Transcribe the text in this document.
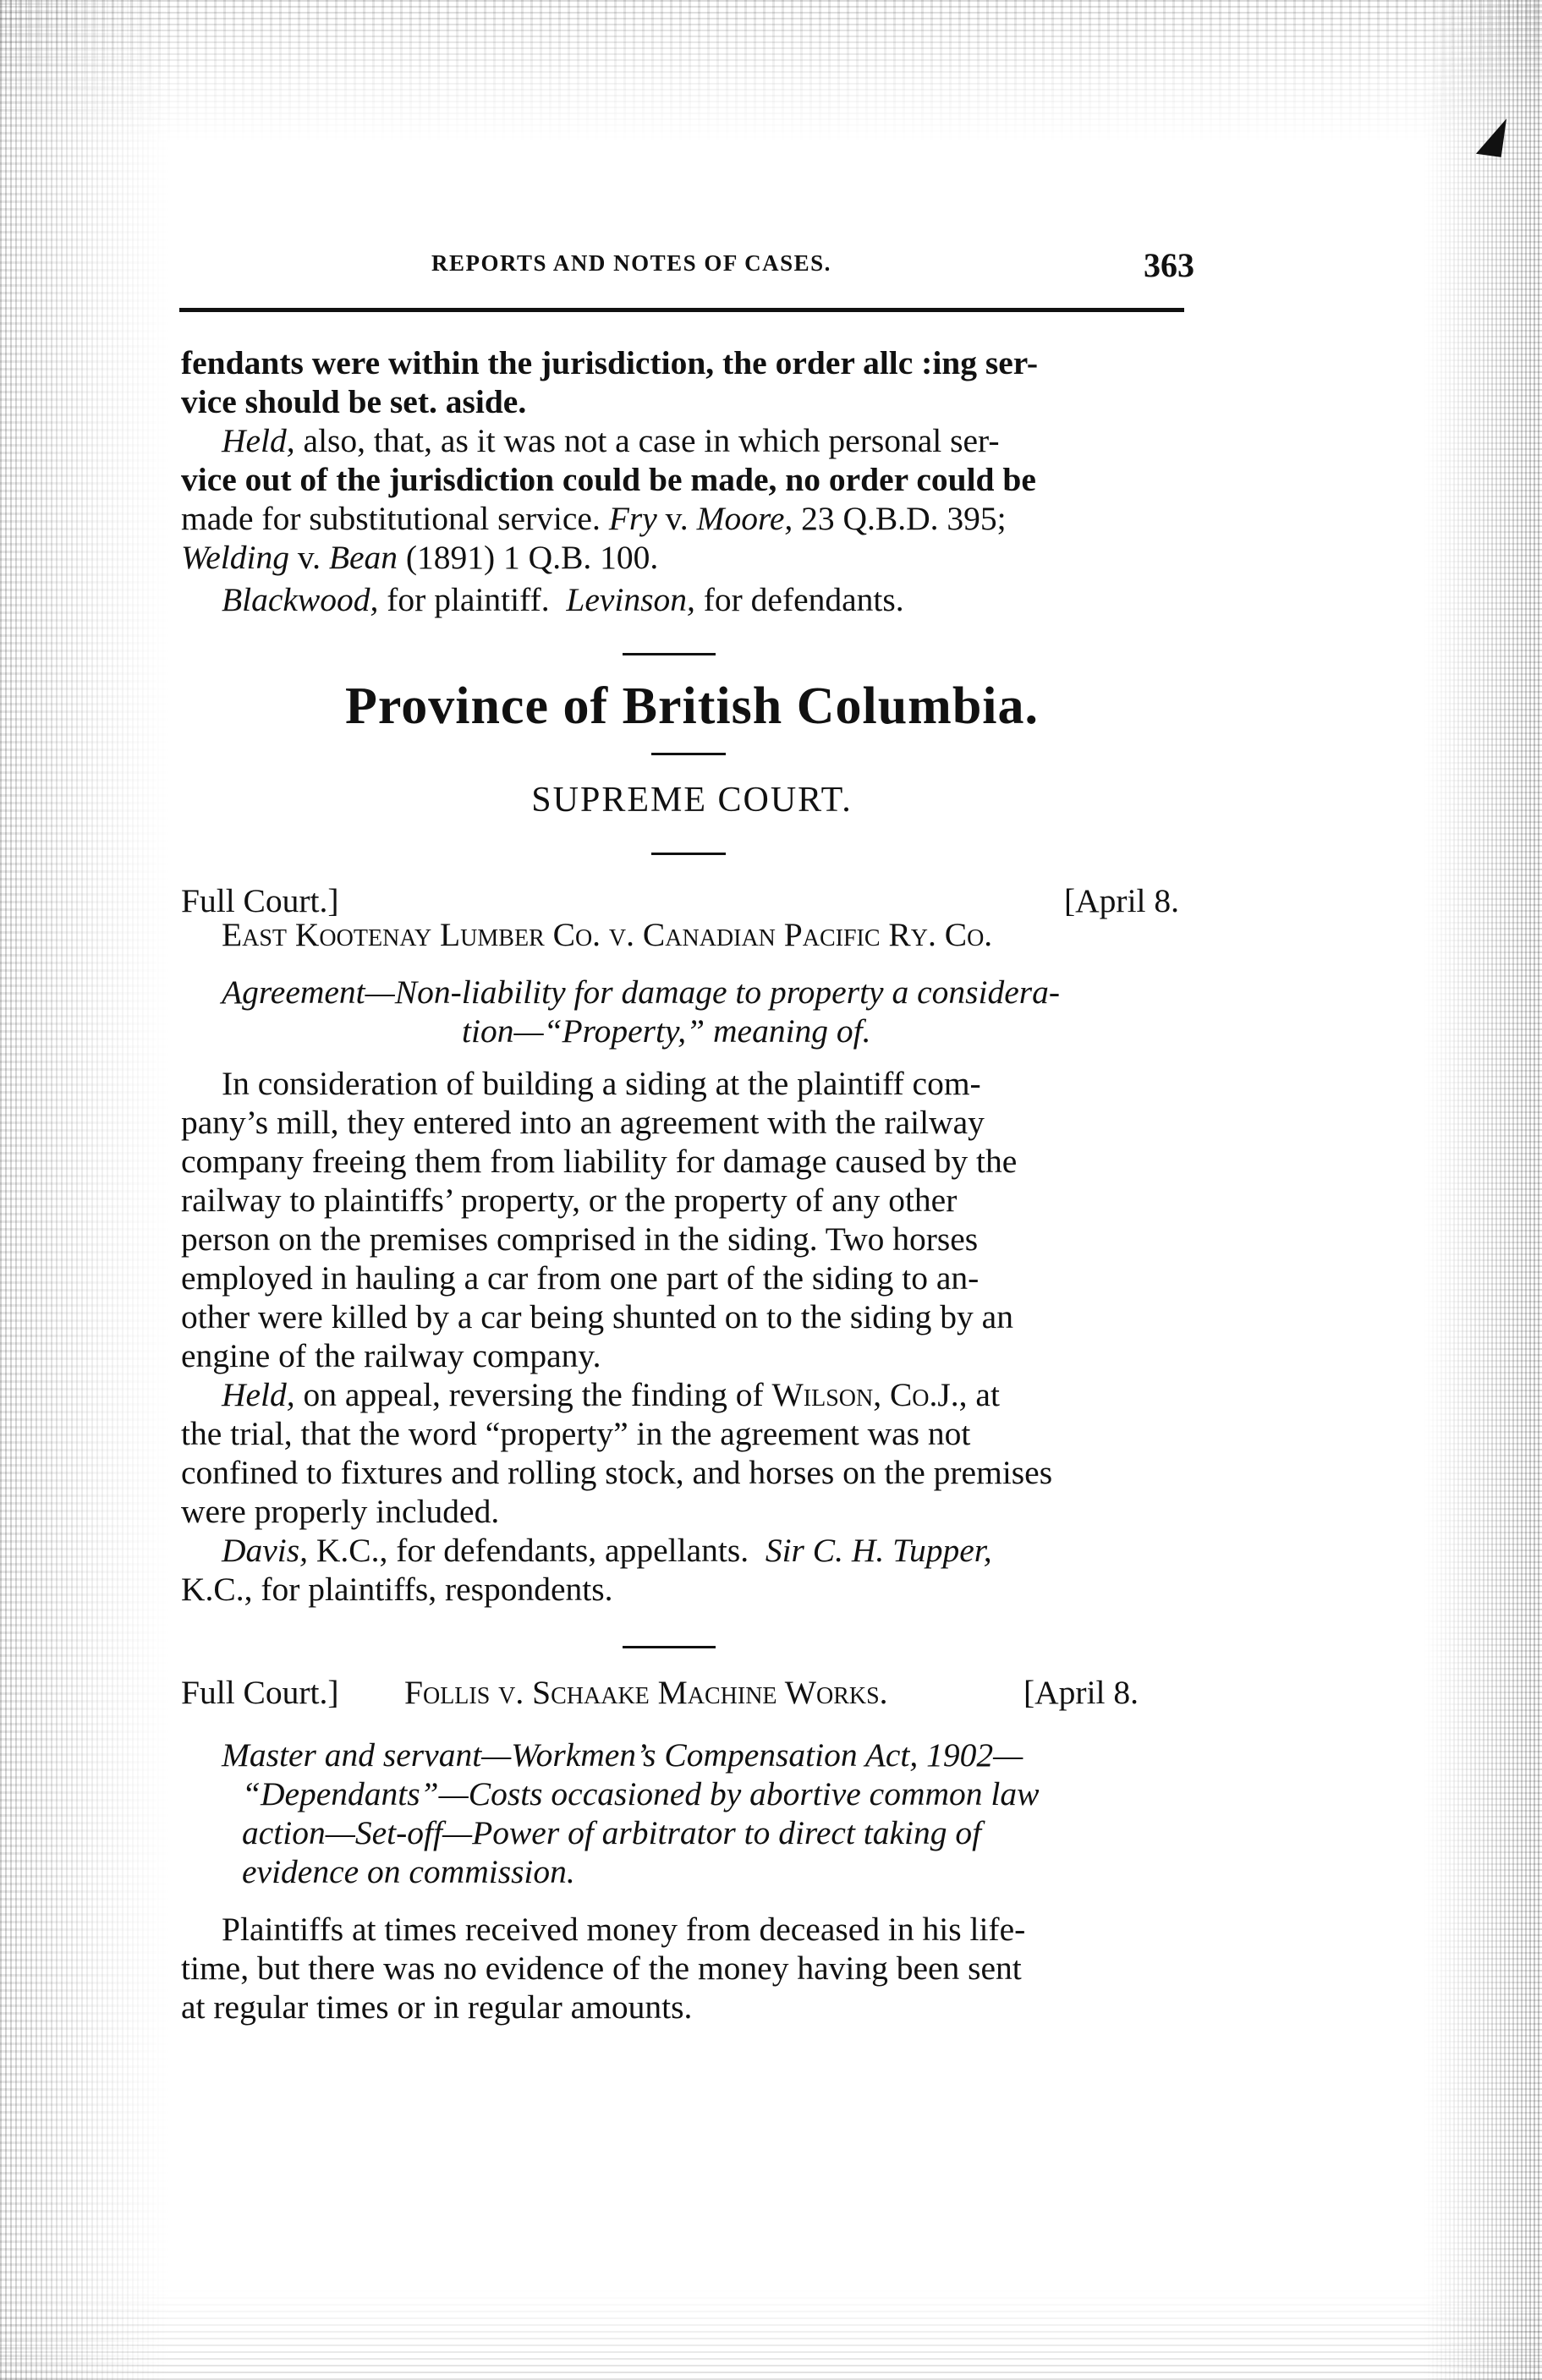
REPORTS AND NOTES OF CASES.	363
fendants were within the jurisdiction, the order allc :ing ser-
vice should be set. aside.
Held, also, that, as it was not a case in which personal ser-
vice out of the jurisdiction could be made, no order could be
made for substitutional service. Fry v. Moore, 23 Q.B.D. 395;
Welding v. Bean (1891) 1 Q.B. 100.
Blackwood, for plaintiff. Levinson, for defendants.
Province of British Columbia.
SUPREME COURT.
Full Court.]	[April 8.
East Kootenay Lumber Co. v. Canadian Pacific Ry. Co.
Agreement—Non-liability for damage to property a considera-
tion—“Property,” meaning of.
In consideration of building a siding at the plaintiff com-
pany’s mill, they entered into an agreement with the railway
company freeing them from liability for damage caused by the
railway to plaintiffs’ property, or the property of any other
person on the premises comprised in the siding. Two horses
employed in hauling a car from one part of the siding to an-
other were killed by a car being shunted on to the siding by an
engine of the railway company.
Held, on appeal, reversing the finding of Wilson, Co.J., at
the trial, that the word “property” in the agreement was not
confined to fixtures and rolling stock, and horses on the premises
were properly included.
Davis, K.C., for defendants, appellants. Sir C. H. Tupper,
K.C., for plaintiffs, respondents.
Full Court.] Follis v. Schaake Machine Works.	[April 8.
Master and servant—Workmen’s Compensation Act, 1902—
“Dependants”—Costs occasioned by abortive common law
action—Set-off—Power of arbitrator to direct taking of
evidence on commission.
Plaintiffs at times received money from deceased in his life-
time, but there was no evidence of the money having been sent
at regular times or in regular amounts.
